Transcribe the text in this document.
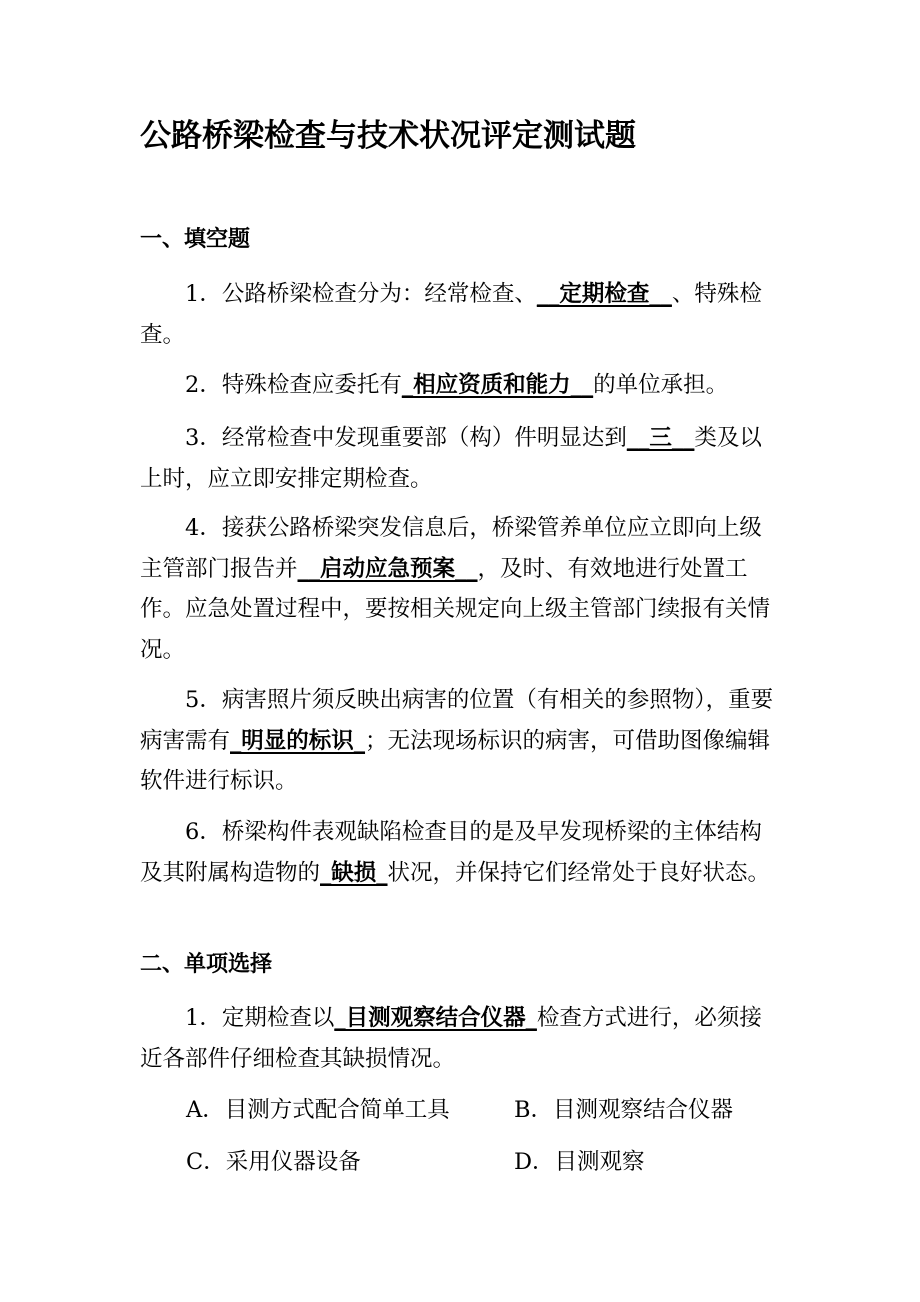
公路桥梁检查与技术状况评定测试题
一、填空题
1．公路桥梁检查分为：经常检查、__定期检查__、特殊检查。
2．特殊检查应委托有_相应资质和能力__的单位承担。
3．经常检查中发现重要部（构）件明显达到__三__类及以上时，应立即安排定期检查。
4．接获公路桥梁突发信息后，桥梁管养单位应立即向上级主管部门报告并__启动应急预案__，及时、有效地进行处置工作。应急处置过程中，要按相关规定向上级主管部门续报有关情况。
5．病害照片须反映出病害的位置（有相关的参照物），重要病害需有_明显的标识_；无法现场标识的病害，可借助图像编辑软件进行标识。
6．桥梁构件表观缺陷检查目的是及早发现桥梁的主体结构及其附属构造物的_缺损_状况，并保持它们经常处于良好状态。
二、单项选择
1．定期检查以_目测观察结合仪器_检查方式进行，必须接近各部件仔细检查其缺损情况。
A．目测方式配合简单工具	B．目测观察结合仪器
C．采用仪器设备	D．目测观察
